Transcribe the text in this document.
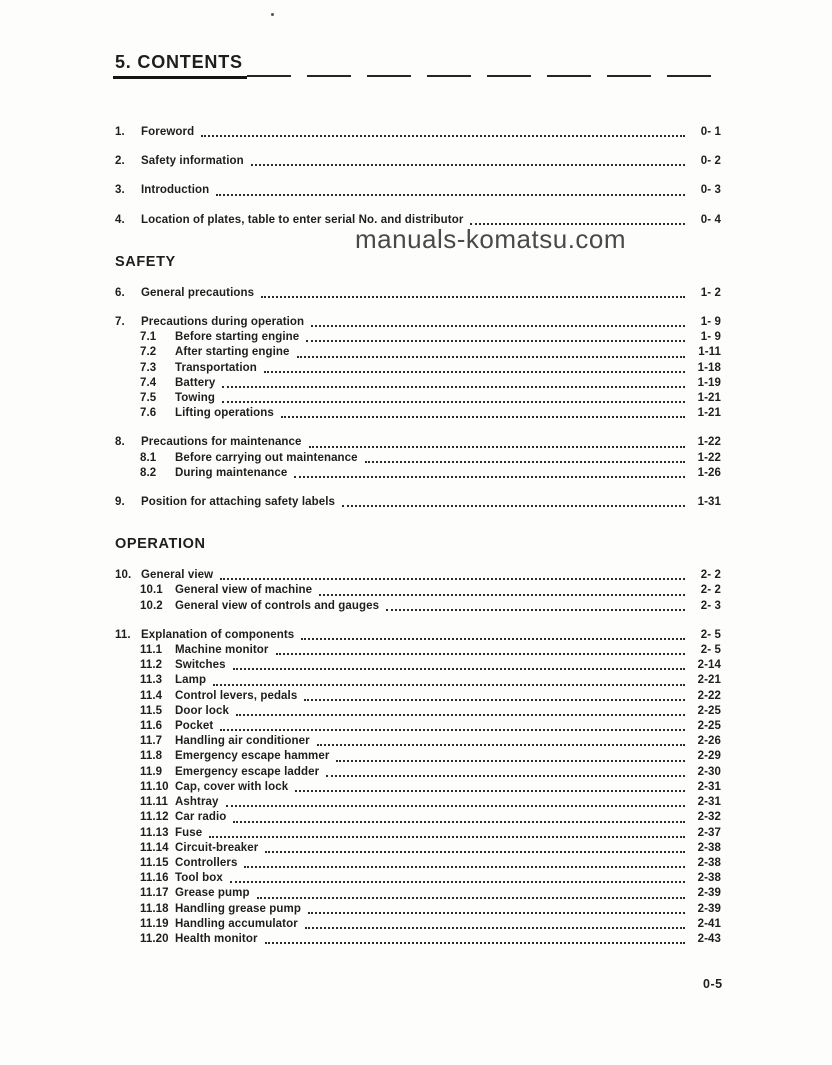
5. CONTENTS
1.	Foreword	0- 1
2.	Safety information	0- 2
3.	Introduction	0- 3
4.	Location of plates, table to enter serial No. and distributor	0- 4
SAFETY
6.	General precautions	1- 2
7.	Precautions during operation	1- 9
7.1	Before starting engine	1- 9
7.2	After starting engine	1-11
7.3	Transportation	1-18
7.4	Battery	1-19
7.5	Towing	1-21
7.6	Lifting operations	1-21
8.	Precautions for maintenance	1-22
8.1	Before carrying out maintenance	1-22
8.2	During maintenance	1-26
9.	Position for attaching safety labels	1-31
OPERATION
10. General view	2- 2
10.1	General view of machine	2- 2
10.2	General view of controls and gauges	2- 3
11. Explanation of components	2- 5
11.1	Machine monitor	2- 5
11.2	Switches	2-14
11.3	Lamp	2-21
11.4	Control levers, pedals	2-22
11.5	Door lock	2-25
11.6	Pocket	2-25
11.7	Handling air conditioner	2-26
11.8	Emergency escape hammer	2-29
11.9	Emergency escape ladder	2-30
11.10 Cap, cover with lock	2-31
11.11 Ashtray	2-31
11.12 Car radio	2-32
11.13 Fuse	2-37
11.14 Circuit-breaker	2-38
11.15 Controllers	2-38
11.16 Tool box	2-38
11.17 Grease pump	2-39
11.18 Handling grease pump	2-39
11.19 Handling accumulator	2-41
11.20 Health monitor	2-43
manuals-komatsu.com
0-5
